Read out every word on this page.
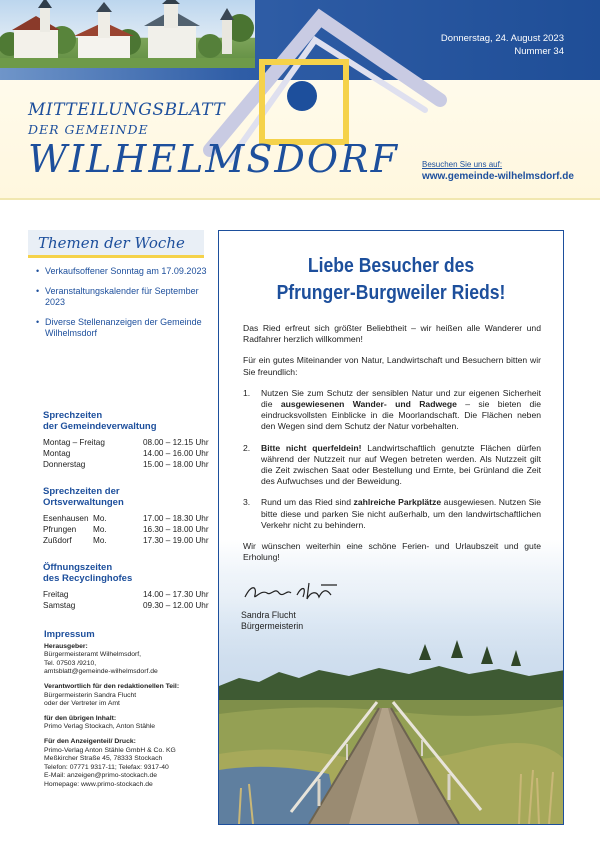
Donnerstag, 24. August 2023
Nummer 34
MITTEILUNGSBLATT
DER GEMEINDE
WILHELMSDORF	Besuchen Sie uns auf:
www.gemeinde-wilhelmsdorf.de
Themen der Woche
• Verkaufsoffener Sonntag am 17.09.2023
• Veranstaltungskalender für September 2023
• Diverse Stellenanzeigen der Gemeinde Wilhelmsdorf
Sprechzeiten
der Gemeindeverwaltung
Montag – Freitag	08.00 – 12.15 Uhr
Montag	14.00 – 16.00 Uhr
Donnerstag	15.00 – 18.00 Uhr
Sprechzeiten der
Ortsverwaltungen
Esenhausen Mo.	17.00 – 18.30 Uhr
Pfrungen	Mo.	16.30 – 18.00 Uhr
Zußdorf	Mo.	17.30 – 19.00 Uhr
Öffnungszeiten
des Recyclinghofes
Freitag	14.00 – 17.30 Uhr
Samstag	09.30 – 12.00 Uhr
Impressum
Herausgeber:
Bürgermeisteramt Wilhelmsdorf,
Tel. 07503 /9210,
amtsblatt@gemeinde-wilhelmsdorf.de
Verantwortlich für den redaktionellen Teil:
Bürgermeisterin Sandra Flucht
oder der Vertreter im Amt
für den übrigen Inhalt:
Primo Verlag Stockach, Anton Stähle
Für den Anzeigenteil/ Druck:
Primo-Verlag Anton Stähle GmbH & Co. KG
Meßkircher Straße 45, 78333 Stockach
Telefon: 07771 9317-11; Telefax: 9317-40
E-Mail: anzeigen@primo-stockach.de
Homepage: www.primo-stockach.de
Liebe Besucher des
Pfrunger-Burgweiler Rieds!

Das Ried erfreut sich größter Beliebtheit – wir heißen alle Wanderer und Radfahrer herzlich willkommen!

Für ein gutes Miteinander von Natur, Landwirtschaft und Besuchern bitten wir Sie freundlich:

1.	Nutzen Sie zum Schutz der sensiblen Natur und zur eigenen Sicherheit die ausgewiesenen Wander- und Radwege – sie bieten die eindrucksvollsten Einblicke in die Moorlandschaft. Die Flächen neben den Wegen sind dem Schutz der Natur vorbehalten.
2.	Bitte nicht querfeldein! Landwirtschaftlich genutzte Flächen dürfen während der Nutzzeit nur auf Wegen betreten werden. Als Nutzzeit gilt die Zeit zwischen Saat oder Bestellung und Ernte, bei Grünland die Zeit des Aufwuchses und der Beweidung.
3.	Rund um das Ried sind zahlreiche Parkplätze ausgewiesen. Nutzen Sie bitte diese und parken Sie nicht außerhalb, um den landwirtschaftlichen Verkehr nicht zu behindern.

Wir wünschen weiterhin eine schöne Ferien- und Urlaubszeit und gute Erholung!

Sandra Flucht
Bürgermeisterin
